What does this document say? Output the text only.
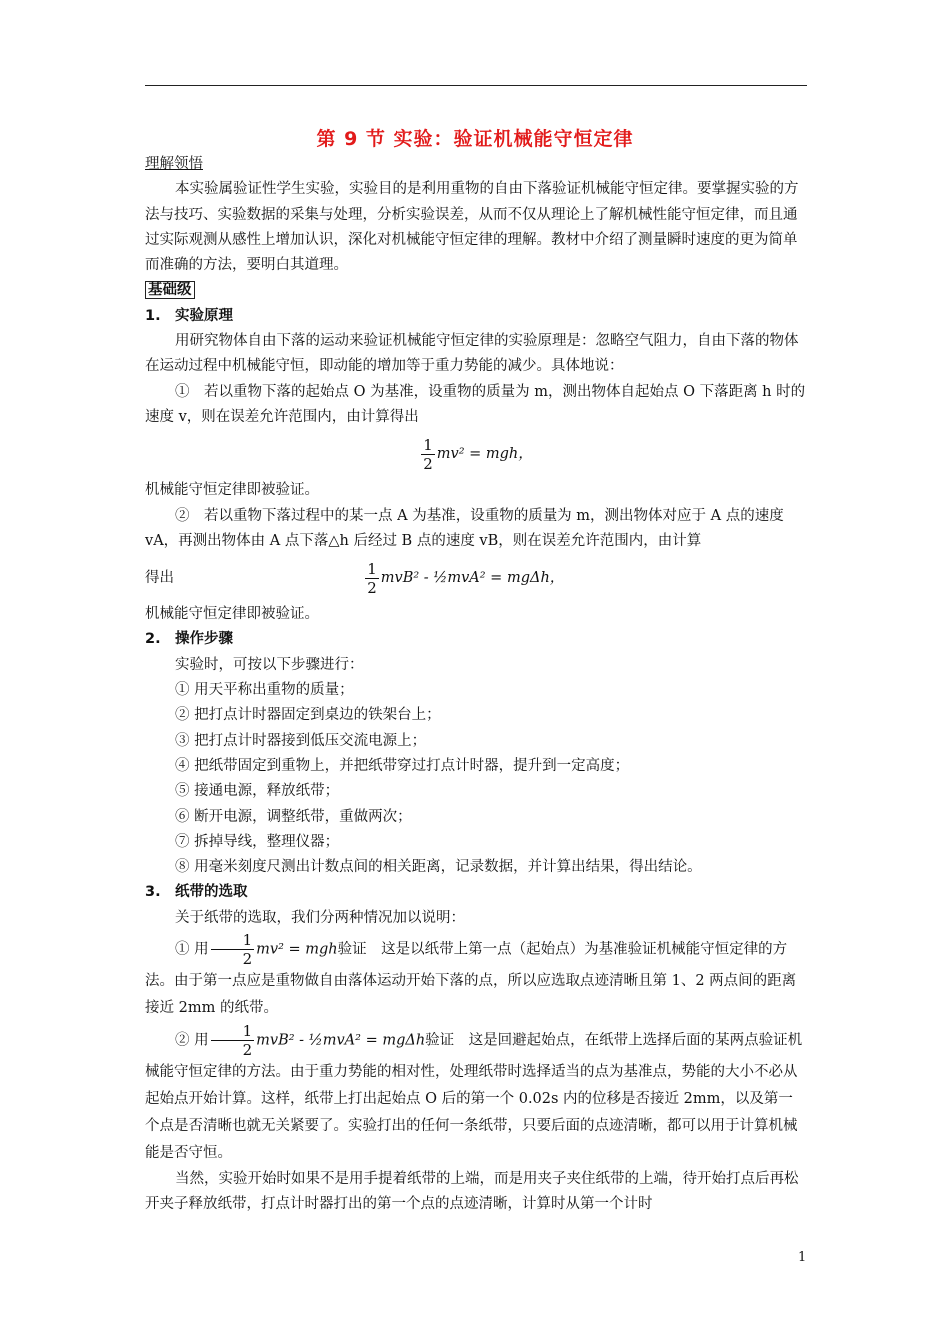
第 9 节 实验：验证机械能守恒定律

理解领悟

本实验属验证性学生实验，实验目的是利用重物的自由下落验证机械能守恒定律。要掌握实验的方法与技巧、实验数据的采集与处理，分析实验误差，从而不仅从理论上了解机械性能守恒定律，而且通过实际观测从感性上增加认识，深化对机械能守恒定律的理解。教材中介绍了测量瞬时速度的更为简单而准确的方法，要明白其道理。

基础级

1. 实验原理

用研究物体自由下落的运动来验证机械能守恒定律的实验原理是：忽略空气阻力，自由下落的物体在运动过程中机械能守恒，即动能的增加等于重力势能的减少。具体地说：

①　若以重物下落的起始点 O 为基准，设重物的质量为 m，测出物体自起始点 O 下落距离 h 时的速度 v，则在误差允许范围内，由计算得出

$\frac{1}{2} mv^2$ = mgh，

机械能守恒定律即被验证。

②　若以重物下落过程中的某一点 A 为基准，设重物的质量为 m，测出物体对应于 A 点的速度 vA，再测出物体由 A 点下落△h 后经过 B 点的速度 vB，则在误差允许范围内，由计算

得出	$\frac{1}{2} mvB^2$ - ½mvA² = mgΔh，

机械能守恒定律即被验证。

2. 操作步骤

实验时，可按以下步骤进行：

① 用天平称出重物的质量；

② 把打点计时器固定到桌边的铁架台上；

③ 把打点计时器接到低压交流电源上；

④ 把纸带固定到重物上，并把纸带穿过打点计时器，提升到一定高度；

⑤ 接通电源，释放纸带；

⑥ 断开电源，调整纸带，重做两次；

⑦ 拆掉导线，整理仪器；

⑧ 用毫米刻度尺测出计数点间的相关距离，记录数据，并计算出结果，得出结论。

3. 纸带的选取

关于纸带的选取，我们分两种情况加以说明：

① 用 $\frac{1}{2} mv^2$ = mgh验证　这是以纸带上第一点（起始点）为基准验证机械能守恒定律的方法。由于第一点应是重物做自由落体运动开始下落的点，所以应选取点迹清晰且第 1、2 两点间的距离接近 2mm 的纸带。

② 用 $\frac{1}{2} mvB^2$ - ½mvA² = mgΔh验证　这是回避起始点，在纸带上选择后面的某两点验证机械能守恒定律的方法。由于重力势能的相对性，处理纸带时选择适当的点为基准点，势能的大小不必从起始点开始计算。这样，纸带上打出起始点 O 后的第一个 0.02s 内的位移是否接近 2mm，以及第一个点是否清晰也就无关紧要了。实验打出的任何一条纸带，只要后面的点迹清晰，都可以用于计算机械能是否守恒。

当然，实验开始时如果不是用手提着纸带的上端，而是用夹子夹住纸带的上端，待开始打点后再松开夹子释放纸带，打点计时器打出的第一个点的点迹清晰，计算时从第一个计时

1
